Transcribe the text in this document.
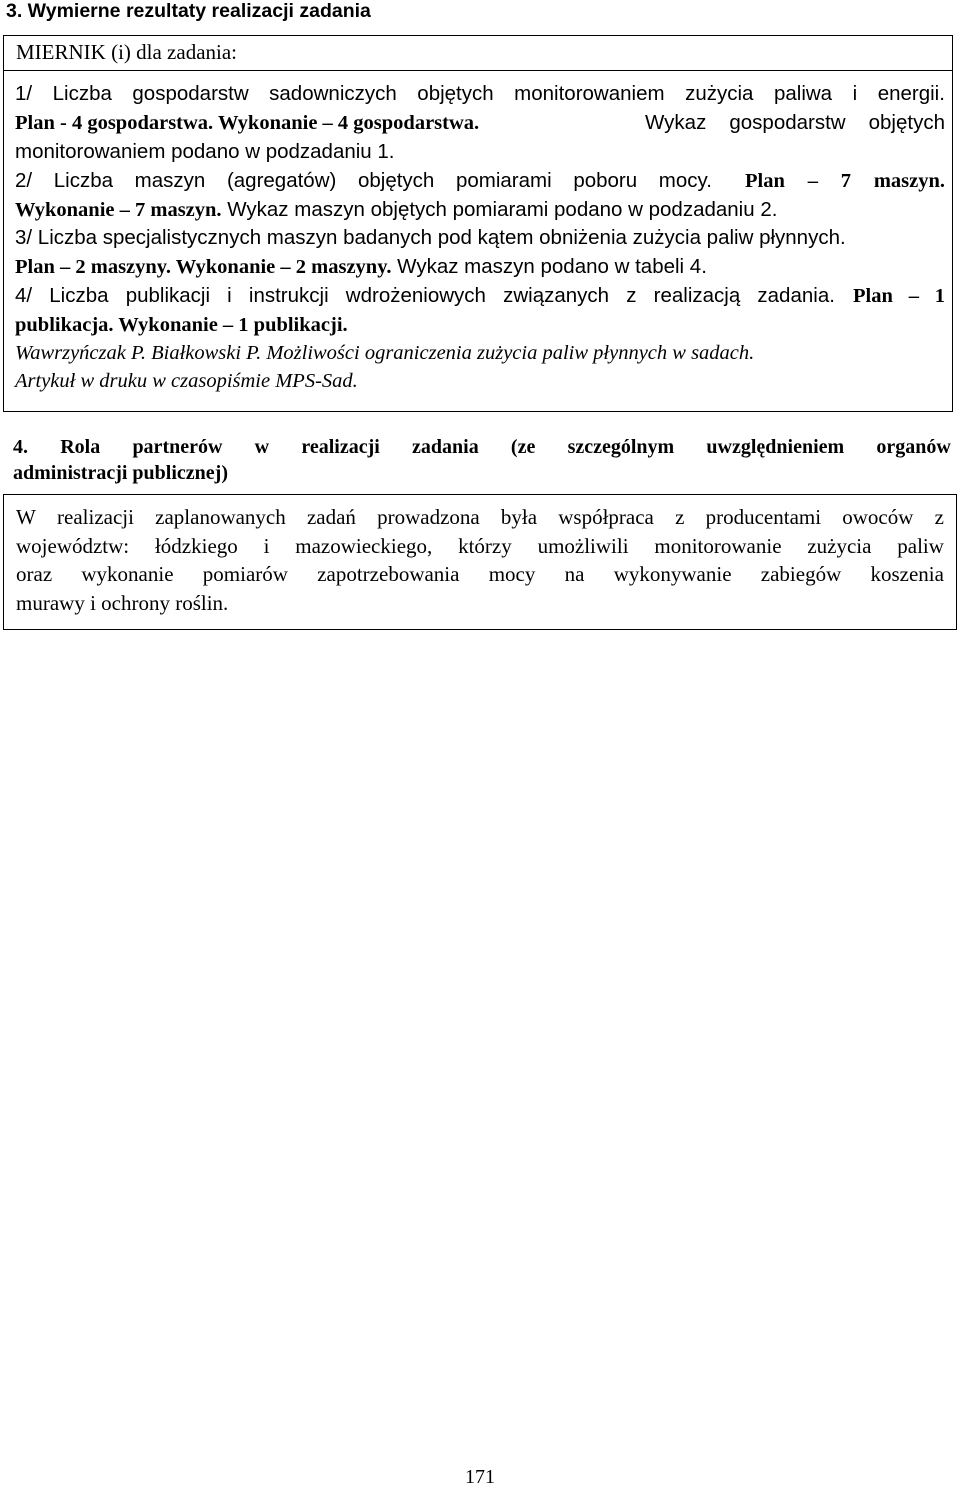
3. Wymierne rezultaty realizacji zadania
MIERNIK (i) dla zadania:
1/ Liczba gospodarstw sadowniczych objętych monitorowaniem zużycia paliwa i energii.
Plan - 4 gospodarstwa. Wykonanie – 4 gospodarstwa.	Wykaz gospodarstw objętych
monitorowaniem podano w podzadaniu 1.
2/ Liczba maszyn (agregatów) objętych pomiarami poboru mocy. Plan – 7 maszyn.
Wykonanie – 7 maszyn. Wykaz maszyn objętych pomiarami podano w podzadaniu 2.
3/ Liczba specjalistycznych maszyn badanych pod kątem obniżenia zużycia paliw płynnych.
Plan – 2 maszyny. Wykonanie – 2 maszyny. Wykaz maszyn podano w tabeli 4.
4/ Liczba publikacji i instrukcji wdrożeniowych związanych z realizacją zadania. Plan – 1
publikacja. Wykonanie – 1 publikacji.
Wawrzyńczak P. Białkowski P. Możliwości ograniczenia zużycia paliw płynnych w sadach.
Artykuł w druku w czasopiśmie MPS-Sad.
4. Rola partnerów w realizacji zadania (ze szczególnym uwzględnieniem organów
administracji publicznej)
W realizacji zaplanowanych zadań prowadzona była współpraca z producentami owoców z
województw: łódzkiego i mazowieckiego, którzy umożliwili monitorowanie zużycia paliw
oraz wykonanie pomiarów zapotrzebowania mocy na wykonywanie zabiegów koszenia
murawy i ochrony roślin.
171
